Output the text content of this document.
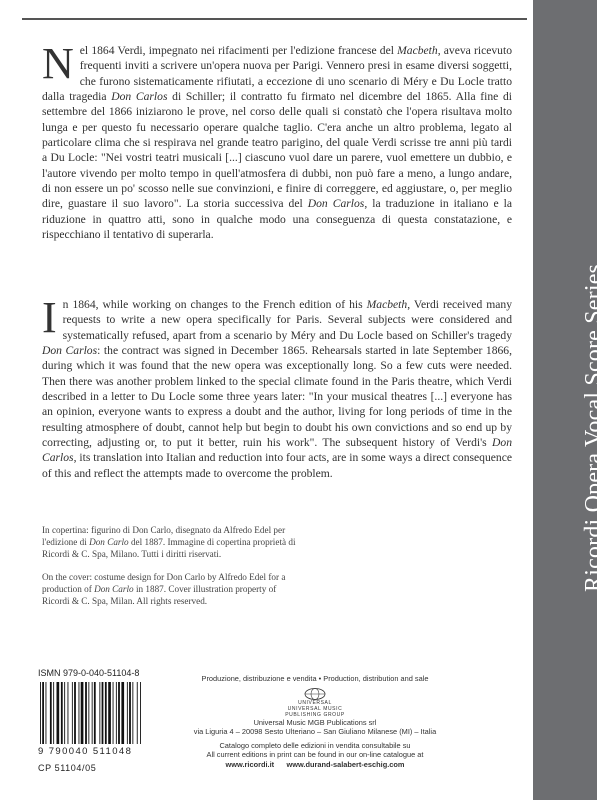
Ricordi Opera Vocal Score Series
Nel 1864 Verdi, impegnato nei rifacimenti per l'edizione francese del Macbeth, aveva ricevuto frequenti inviti a scrivere un'opera nuova per Parigi. Vennero presi in esame diversi soggetti, che furono sistematicamente rifiutati, a eccezione di uno scenario di Méry e Du Locle tratto dalla tragedia Don Carlos di Schiller; il contratto fu firmato nel dicembre del 1865. Alla fine di settembre del 1866 iniziarono le prove, nel corso delle quali si constatò che l'opera risultava molto lunga e per questo fu necessario operare qualche taglio. C'era anche un altro problema, legato al particolare clima che si respirava nel grande teatro parigino, del quale Verdi scrisse tre anni più tardi a Du Locle: "Nei vostri teatri musicali [...] ciascuno vuol dare un parere, vuol emettere un dubbio, e l'autore vivendo per molto tempo in quell'atmosfera di dubbi, non può fare a meno, a lungo andare, di non essere un po' scosso nelle sue convinzioni, e finire di correggere, ed aggiustare, o, per meglio dire, guastare il suo lavoro". La storia successiva del Don Carlos, la traduzione in italiano e la riduzione in quattro atti, sono in qualche modo una conseguenza di questa constatazione, e rispecchiano il tentativo di superarla.
In 1864, while working on changes to the French edition of his Macbeth, Verdi received many requests to write a new opera specifically for Paris. Several subjects were considered and systematically refused, apart from a scenario by Méry and Du Locle based on Schiller's tragedy Don Carlos: the contract was signed in December 1865. Rehearsals started in late September 1866, during which it was found that the new opera was exceptionally long. So a few cuts were needed. Then there was another problem linked to the special climate found in the Paris theatre, which Verdi described in a letter to Du Locle some three years later: "In your musical theatres [...] everyone has an opinion, everyone wants to express a doubt and the author, living for long periods of time in the resulting atmosphere of doubt, cannot help but begin to doubt his own convictions and so end up by correcting, adjusting or, to put it better, ruin his work". The subsequent history of Verdi's Don Carlos, its translation into Italian and reduction into four acts, are in some ways a direct consequence of this and reflect the attempts made to overcome the problem.
In copertina: figurino di Don Carlo, disegnato da Alfredo Edel per l'edizione di Don Carlo del 1887. Immagine di copertina proprietà di Ricordi & C. Spa, Milano. Tutti i diritti riservati.
On the cover: costume design for Don Carlo by Alfredo Edel for a production of Don Carlo in 1887. Cover illustration property of Ricordi & C. Spa, Milan. All rights reserved.
ISMN 979-0-040-51104-8
9 790040 511048
CP 51104/05
Produzione, distribuzione e vendita • Production, distribution and sale
UNIVERSAL
UNIVERSAL MUSIC
PUBLISHING GROUP
Universal Music MGB Publications srl
via Liguria 4 – 20098 Sesto Ulteriano – San Giuliano Milanese (MI) – Italia
Catalogo completo delle edizioni in vendita consultabile su
All current editions in print can be found in our on-line catalogue at
www.ricordi.it www.durand-salabert-eschig.com
